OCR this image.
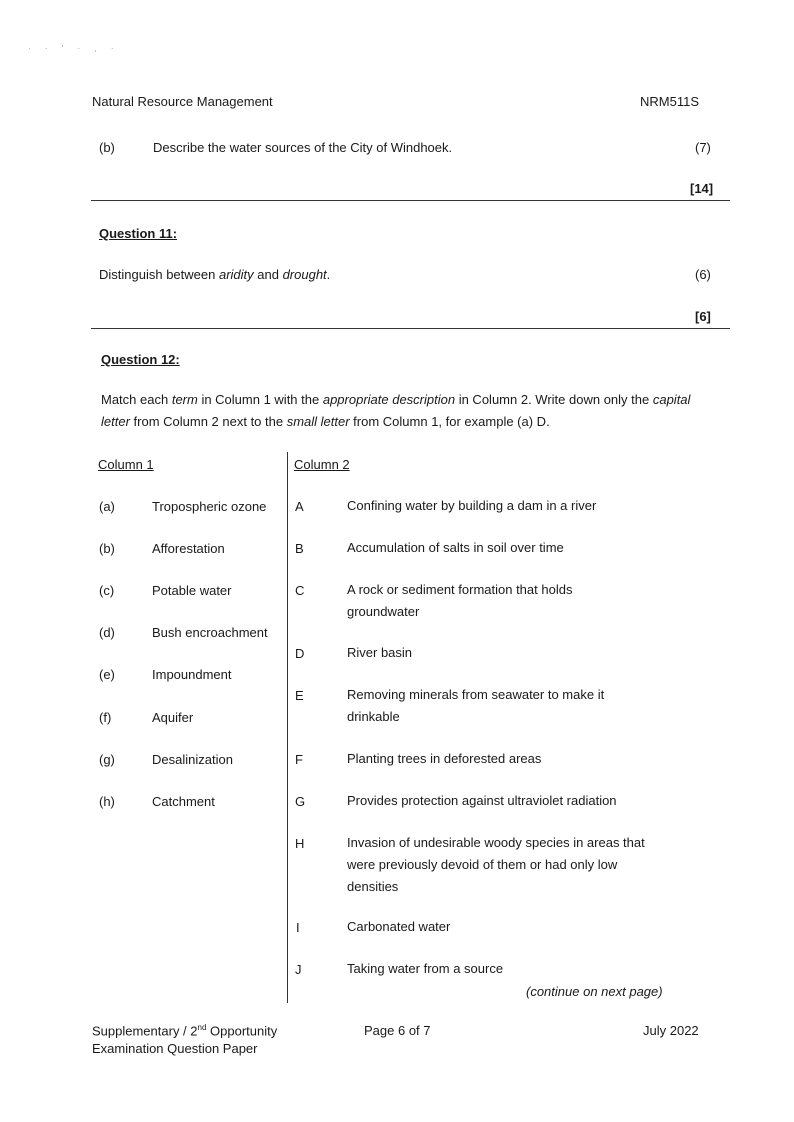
· · ' · , ·
Natural Resource Management	NRM511S
(b)	Describe the water sources of the City of Windhoek.	(7)
[14]
Question 11:
Distinguish between aridity and drought.	(6)
[6]
Question 12:
Match each term in Column 1 with the appropriate description in Column 2. Write down only the capital letter from Column 2 next to the small letter from Column 1, for example (a) D.
Column 1	Column 2
(a)	Tropospheric ozone
(b)	Afforestation
(c)	Potable water
(d)	Bush encroachment
(e)	Impoundment
(f)	Aquifer
(g)	Desalinization
(h)	Catchment
A	Confining water by building a dam in a river
B	Accumulation of salts in soil over time
C	A rock or sediment formation that holds groundwater
D	River basin
E	Removing minerals from seawater to make it drinkable
F	Planting trees in deforested areas
G	Provides protection against ultraviolet radiation
H	Invasion of undesirable woody species in areas that were previously devoid of them or had only low densities
I	Carbonated water
J	Taking water from a source
(continue on next page)
Supplementary / 2nd Opportunity
Examination Question Paper
Page 6 of 7	July 2022
